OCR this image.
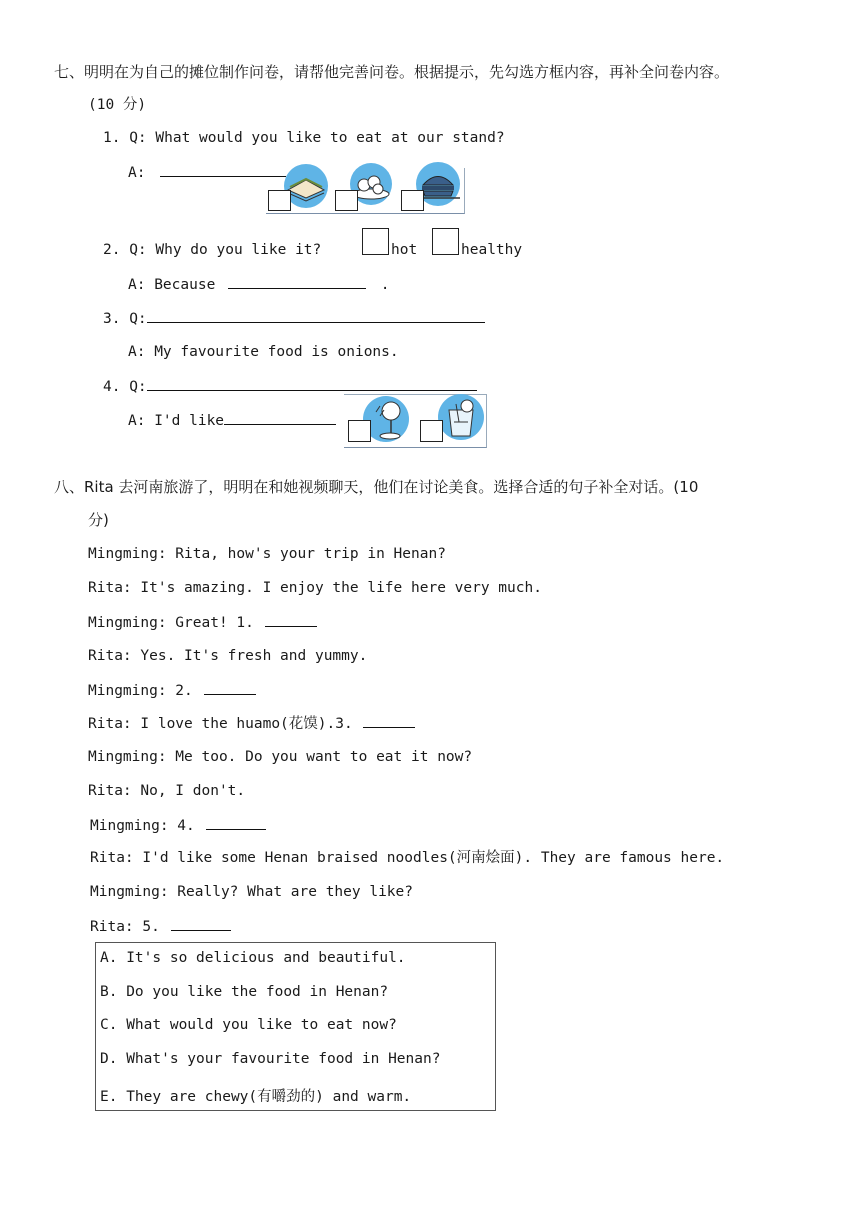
七、明明在为自己的摊位制作问卷，请帮他完善问卷。根据提示，先勾选方框内容，再补全问卷内容。
(10 分)
1. Q: What would you like to eat at our stand?
A:
2. Q: Why do you like it?	hot	healthy
A: Because	.
3. Q:
A: My favourite food is onions.
4. Q:
A: I'd like
八、Rita 去河南旅游了，明明在和她视频聊天，他们在讨论美食。选择合适的句子补全对话。(10
分)
Mingming: Rita, how's your trip in Henan?
Rita: It's amazing. I enjoy the life here very much.
Mingming: Great! 1.
Rita: Yes. It's fresh and yummy.
Mingming: 2.
Rita: I love the huamo(花馍).3.
Mingming: Me too. Do you want to eat it now?
Rita: No, I don't.
Mingming: 4.
Rita: I'd like some Henan braised noodles(河南烩面). They are famous here.
Mingming: Really? What are they like?
Rita: 5.
A. It's so delicious and beautiful.
B. Do you like the food in Henan?
C. What would you like to eat now?
D. What's your favourite food in Henan?
E. They are chewy(有嚼劲的) and warm.
